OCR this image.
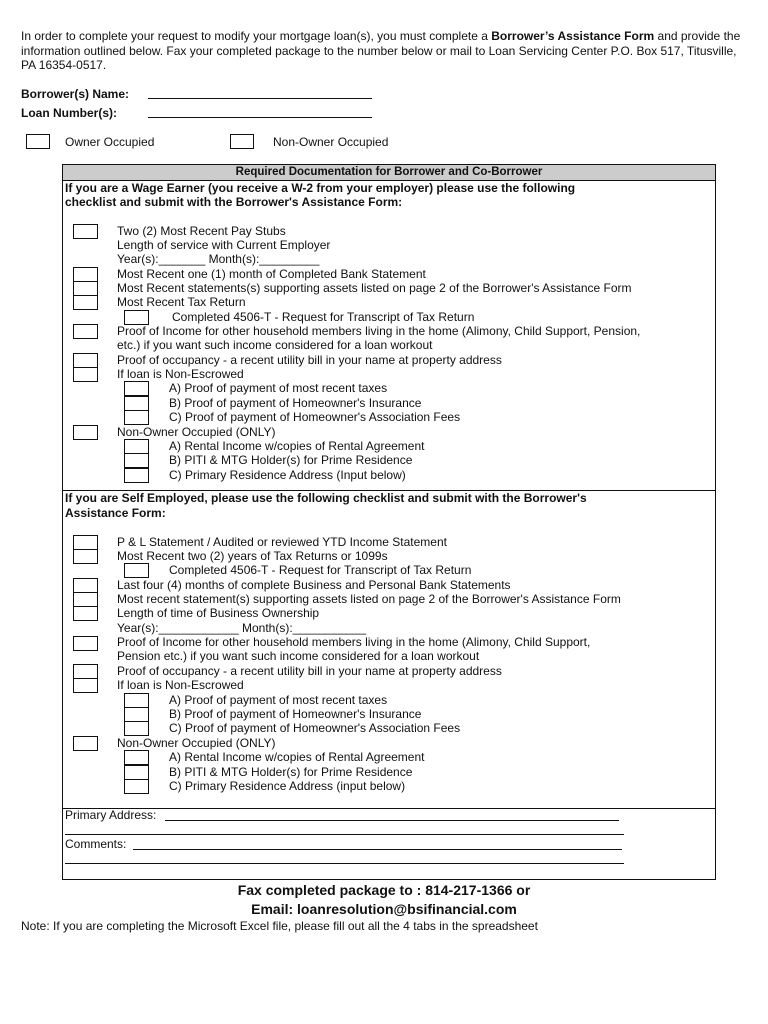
In order to complete your request to modify your mortgage loan(s), you must complete a Borrower’s Assistance Form and provide the information outlined below. Fax your completed package to the number below or mail to Loan Servicing Center P.O. Box 517, Titusville, PA 16354-0517.
Borrower(s) Name:
Loan Number(s):
Owner Occupied	Non-Owner Occupied
Required Documentation for Borrower and Co-Borrower
If you are a Wage Earner (you receive a W-2 from your employer) please use the following
checklist and submit with the Borrower's Assistance Form:
Two (2) Most Recent Pay Stubs
Length of service with Current Employer
Year(s):_______ Month(s):_________
Most Recent one (1) month of Completed Bank Statement
Most Recent statements(s) supporting assets listed on page 2 of the Borrower's Assistance Form
Most Recent Tax Return
Completed 4506-T - Request for Transcript of Tax Return
Proof of Income for other household members living in the home (Alimony, Child Support, Pension,
etc.) if you want such income considered for a loan workout
Proof of occupancy - a recent utility bill in your name at property address
If loan is Non-Escrowed
A) Proof of payment of most recent taxes
B) Proof of payment of Homeowner's Insurance
C) Proof of payment of Homeowner's Association Fees
Non-Owner Occupied (ONLY)
A) Rental Income w/copies of Rental Agreement
B) PITI & MTG Holder(s) for Prime Residence
C) Primary Residence Address (Input below)
If you are Self Employed, please use the following checklist and submit with the Borrower's
Assistance Form:
P & L Statement / Audited or reviewed YTD Income Statement
Most Recent two (2) years of Tax Returns or 1099s
Completed 4506-T - Request for Transcript of Tax Return
Last four (4) months of complete Business and Personal Bank Statements
Most recent statement(s) supporting assets listed on page 2 of the Borrower's Assistance Form
Length of time of Business Ownership
Year(s):____________ Month(s):___________
Proof of Income for other household members living in the home (Alimony, Child Support,
Pension etc.) if you want such income considered for a loan workout
Proof of occupancy - a recent utility bill in your name at property address
If loan is Non-Escrowed
A) Proof of payment of most recent taxes
B) Proof of payment of Homeowner's Insurance
C) Proof of payment of Homeowner's Association Fees
Non-Owner Occupied (ONLY)
A) Rental Income w/copies of Rental Agreement
B) PITI & MTG Holder(s) for Prime Residence
C) Primary Residence Address (input below)
Primary Address:
Comments:
Fax completed package to : 814-217-1366 or
Email: loanresolution@bsifinancial.com
Note: If you are completing the Microsoft Excel file, please fill out all the 4 tabs in the spreadsheet
